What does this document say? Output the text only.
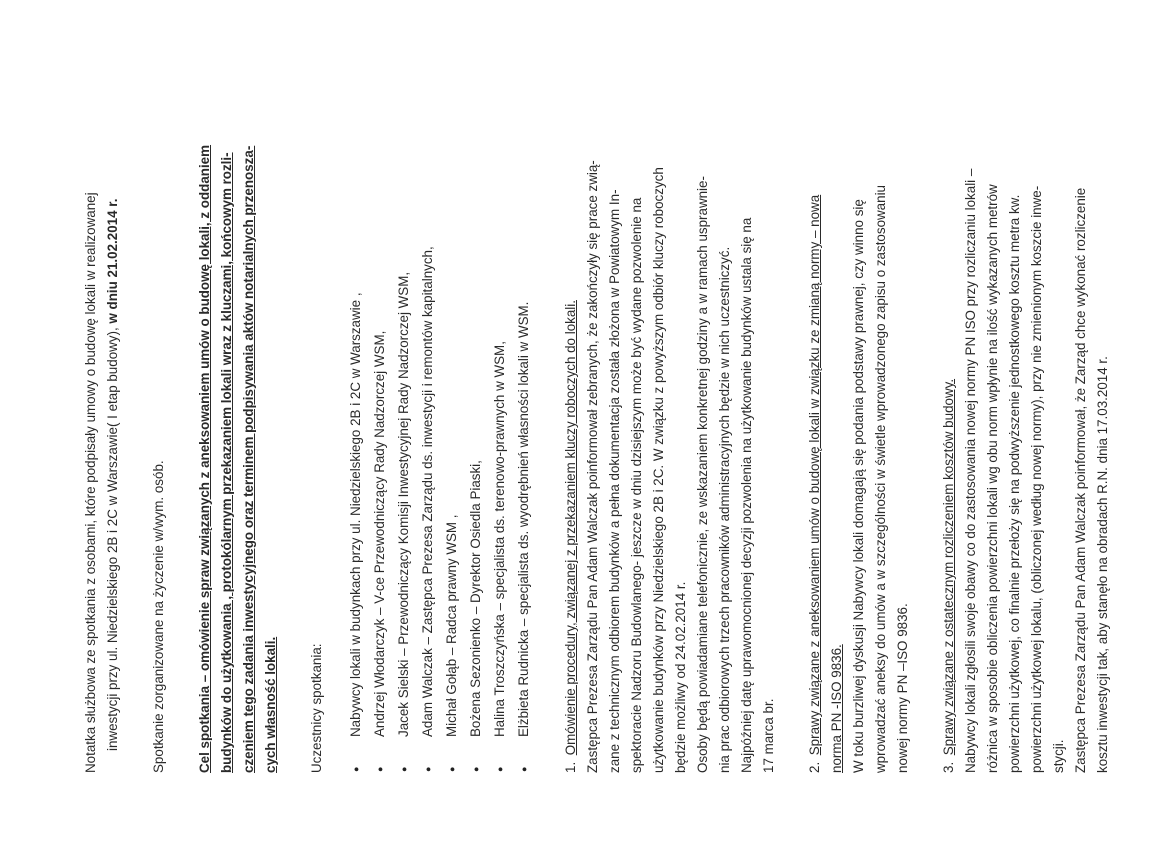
Notatka służbowa ze spotkania z osobami, które podpisały umowy o budowę lokali w realizowanej inwestycji przy ul. Niedzielskiego 2B i 2C w Warszawie( I etap budowy), w dniu 21.02.2014 r.

Spotkanie zorganizowane na życzenie w/wym. osób. Cel spotkania – omówienie spraw związanych z aneksowaniem umów o budowę lokali, z oddaniem budynków do użytkowania , protokólarnym przekazaniem lokali wraz z kluczami, końcowym rozli- czeniem tego zadania inwestycyjnego oraz terminem podpisywania aktów notarialnych przenosza- cych własność lokali. Uczestnicy spotkania: ● Nabywcy lokali w budynkach przy ul. Niedzielskiego 2B i 2C w Warszawie , ● Andrzej Włodarczyk – V-ce Przewodniczący Rady Nadzorczej WSM, ● Jacek Sielski – Przewodniczący Komisji Inwestycyjnej Rady Nadzorczej WSM, ● Adam Walczak – Zastępca Prezesa Zarządu ds. inwestycji i remontów kapitalnych, ● Michał Gołąb – Radca prawny WSM , ● Bożena Sezonienko – Dyrektor Osiedla Piaski, ● Halina Troszczyńska – specjalista ds. terenowo-prawnych w WSM, ● Elżbieta Rudnicka – specjalista ds. wyodrębnień własności lokali w WSM.

1. Omówienie procedury, związanej z przekazaniem kluczy roboczych do lokali. Zastępca Prezesa Zarządu Pan Adam Walczak poinformował zebranych, że zakończyły się prace zwią- zane z technicznym odbiorem budynków a pełna dokumentacja została złożona w Powiatowym In- spektoracie Nadzoru Budowlanego- jeszcze w dniu dzisiejszym może być wydane pozwolenie na użytkowanie budynków przy Niedzielskiego 2B i 2C. W związku z powyższym odbiór kluczy roboczych będzie możliwy od 24.02.2014 r. Osoby będą powiadamiane telefonicznie, ze wskazaniem konkretnej godziny a w ramach usprawnie- nia prac odbiorowych trzech pracowników administracyjnych będzie w nich uczestniczyć. Najpóźniej datę uprawomocnionej decyzji pozwolenia na użytkowanie budynków ustala się na 17 marca br. 2. Sprawy związane z aneksowaniem umów o budowę lokali w związku ze zmianą normy – nowa norma PN -ISO 9836. W toku burzliwej dyskusji Nabywcy lokali domagają się podania podstawy prawnej, czy winno się wprowadzać aneksy do umów a w szczególności w świetle wprowadzonego zapisu o zastosowaniu nowej normy PN –ISO 9836. 3. Sprawy związane z ostatecznym rozliczeniem kosztów budowy. Nabywcy lokali zgłosili swoje obawy co do zastosowania nowej normy PN ISO przy rozliczaniu lokali – różnica w sposobie obliczenia powierzchni lokali wg obu norm wpłynie na ilość wykazanych metrów powierzchni użytkowej, co finalnie przełoży się na podwyższenie jednostkowego kosztu metra kw. powierzchni użytkowej lokalu, (obliczonej według nowej normy), przy nie zmienionym koszcie inwe- stycji. Zastępca Prezesa Zarządu Pan Adam Walczak poinformował, że Zarząd chce wykonać rozliczenie kosztu inwestycji tak, aby stanęło na obradach R.N. dnia 17.03.2014 r.
